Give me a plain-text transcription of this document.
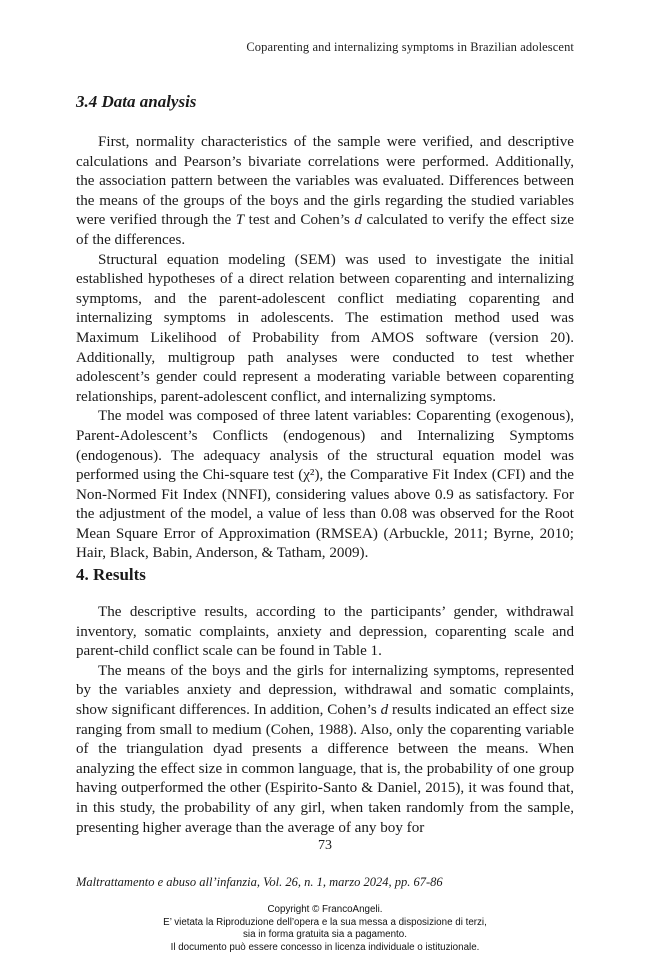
Coparenting and internalizing symptoms in Brazilian adolescent
3.4 Data analysis

First, normality characteristics of the sample were verified, and descriptive calculations and Pearson’s bivariate correlations were performed. Additionally, the association pattern between the variables was evaluated. Differences between the means of the groups of the boys and the girls regarding the studied variables were verified through the T test and Cohen’s d calculated to verify the effect size of the differences.

Structural equation modeling (SEM) was used to investigate the initial established hypotheses of a direct relation between coparenting and internalizing symptoms, and the parent-adolescent conflict mediating coparenting and internalizing symptoms in adolescents. The estimation method used was Maximum Likelihood of Probability from AMOS software (version 20). Additionally, multigroup path analyses were conducted to test whether adolescent’s gender could represent a moderating variable between coparenting relationships, parent-adolescent conflict, and internalizing symptoms.

The model was composed of three latent variables: Coparenting (exogenous), Parent-Adolescent’s Conflicts (endogenous) and Internalizing Symptoms (endogenous). The adequacy analysis of the structural equation model was performed using the Chi-square test (χ²), the Comparative Fit Index (CFI) and the Non-Normed Fit Index (NNFI), considering values above 0.9 as satisfactory. For the adjustment of the model, a value of less than 0.08 was observed for the Root Mean Square Error of Approximation (RMSEA) (Arbuckle, 2011; Byrne, 2010; Hair, Black, Babin, Anderson, & Tatham, 2009).

4. Results

The descriptive results, according to the participants’ gender, withdrawal inventory, somatic complaints, anxiety and depression, coparenting scale and parent-child conflict scale can be found in Table 1.

The means of the boys and the girls for internalizing symptoms, represented by the variables anxiety and depression, withdrawal and somatic complaints, show significant differences. In addition, Cohen’s d results indicated an effect size ranging from small to medium (Cohen, 1988). Also, only the coparenting variable of the triangulation dyad presents a difference between the means. When analyzing the effect size in common language, that is, the probability of one group having outperformed the other (Espirito-Santo & Daniel, 2015), it was found that, in this study, the probability of any girl, when taken randomly from the sample, presenting higher average than the average of any boy for

73
Maltrattamento e abuso all’infanzia, Vol. 26, n. 1, marzo 2024, pp. 67-86
Copyright © FrancoAngeli.
E’ vietata la Riproduzione dell’opera e la sua messa a disposizione di terzi,
sia in forma gratuita sia a pagamento.
Il documento può essere concesso in licenza individuale o istituzionale.
